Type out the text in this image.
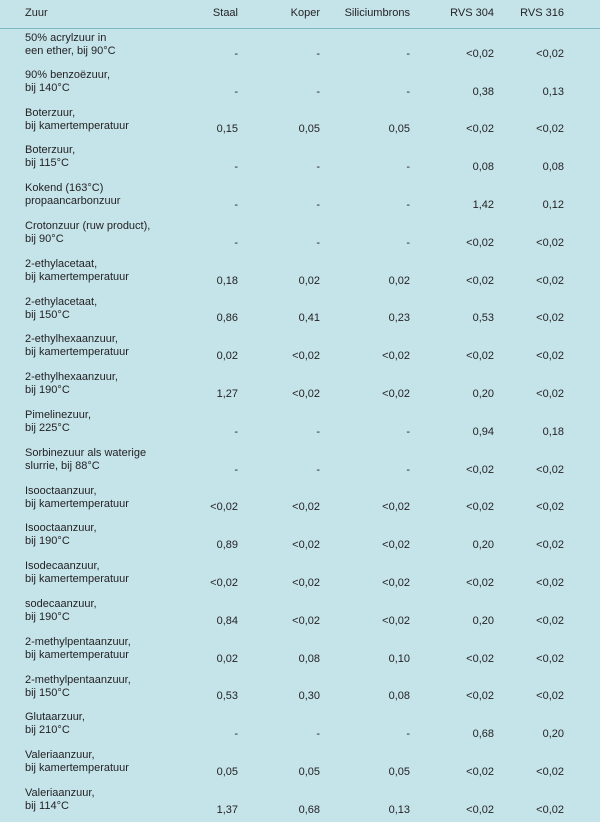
Zuur	Staal	Koper	Siliciumbrons	RVS 304	RVS 316

50% acrylzuur in
een ether, bij 90°C	-	-	-	<0,02	<0,02

90% benzoëzuur,
bij 140°C	-	-	-	0,38	0,13

Boterzuur,
bij kamertemperatuur	0,15	0,05	0,05	<0,02	<0,02

Boterzuur,
bij 115°C	-	-	-	0,08	0,08

Kokend (163°C)
propaancarbonzuur	-	-	-	1,42	0,12

Crotonzuur (ruw product),
bij 90°C	-	-	-	<0,02	<0,02

2-ethylacetaat,
bij kamertemperatuur	0,18	0,02	0,02	<0,02	<0,02

2-ethylacetaat,
bij 150°C	0,86	0,41	0,23	0,53	<0,02

2-ethylhexaanzuur,
bij kamertemperatuur	0,02	<0,02	<0,02	<0,02	<0,02

2-ethylhexaanzuur,
bij 190°C	1,27	<0,02	<0,02	0,20	<0,02

Pimelinezuur,
bij 225°C	-	-	-	0,94	0,18

Sorbinezuur als waterige
slurrie, bij 88°C	-	-	-	<0,02	<0,02

Isooctaanzuur,
bij kamertemperatuur	<0,02	<0,02	<0,02	<0,02	<0,02

Isooctaanzuur,
bij 190°C	0,89	<0,02	<0,02	0,20	<0,02

Isodecaanzuur,
bij kamertemperatuur	<0,02	<0,02	<0,02	<0,02	<0,02

sodecaanzuur,
bij 190°C	0,84	<0,02	<0,02	0,20	<0,02

2-methylpentaanzuur,
bij kamertemperatuur	0,02	0,08	0,10	<0,02	<0,02

2-methylpentaanzuur,
bij 150°C	0,53	0,30	0,08	<0,02	<0,02

Glutaarzuur,
bij 210°C	-	-	-	0,68	0,20

Valeriaanzuur,
bij kamertemperatuur	0,05	0,05	0,05	<0,02	<0,02

Valeriaanzuur,
bij 114°C	1,37	0,68	0,13	<0,02	<0,02
